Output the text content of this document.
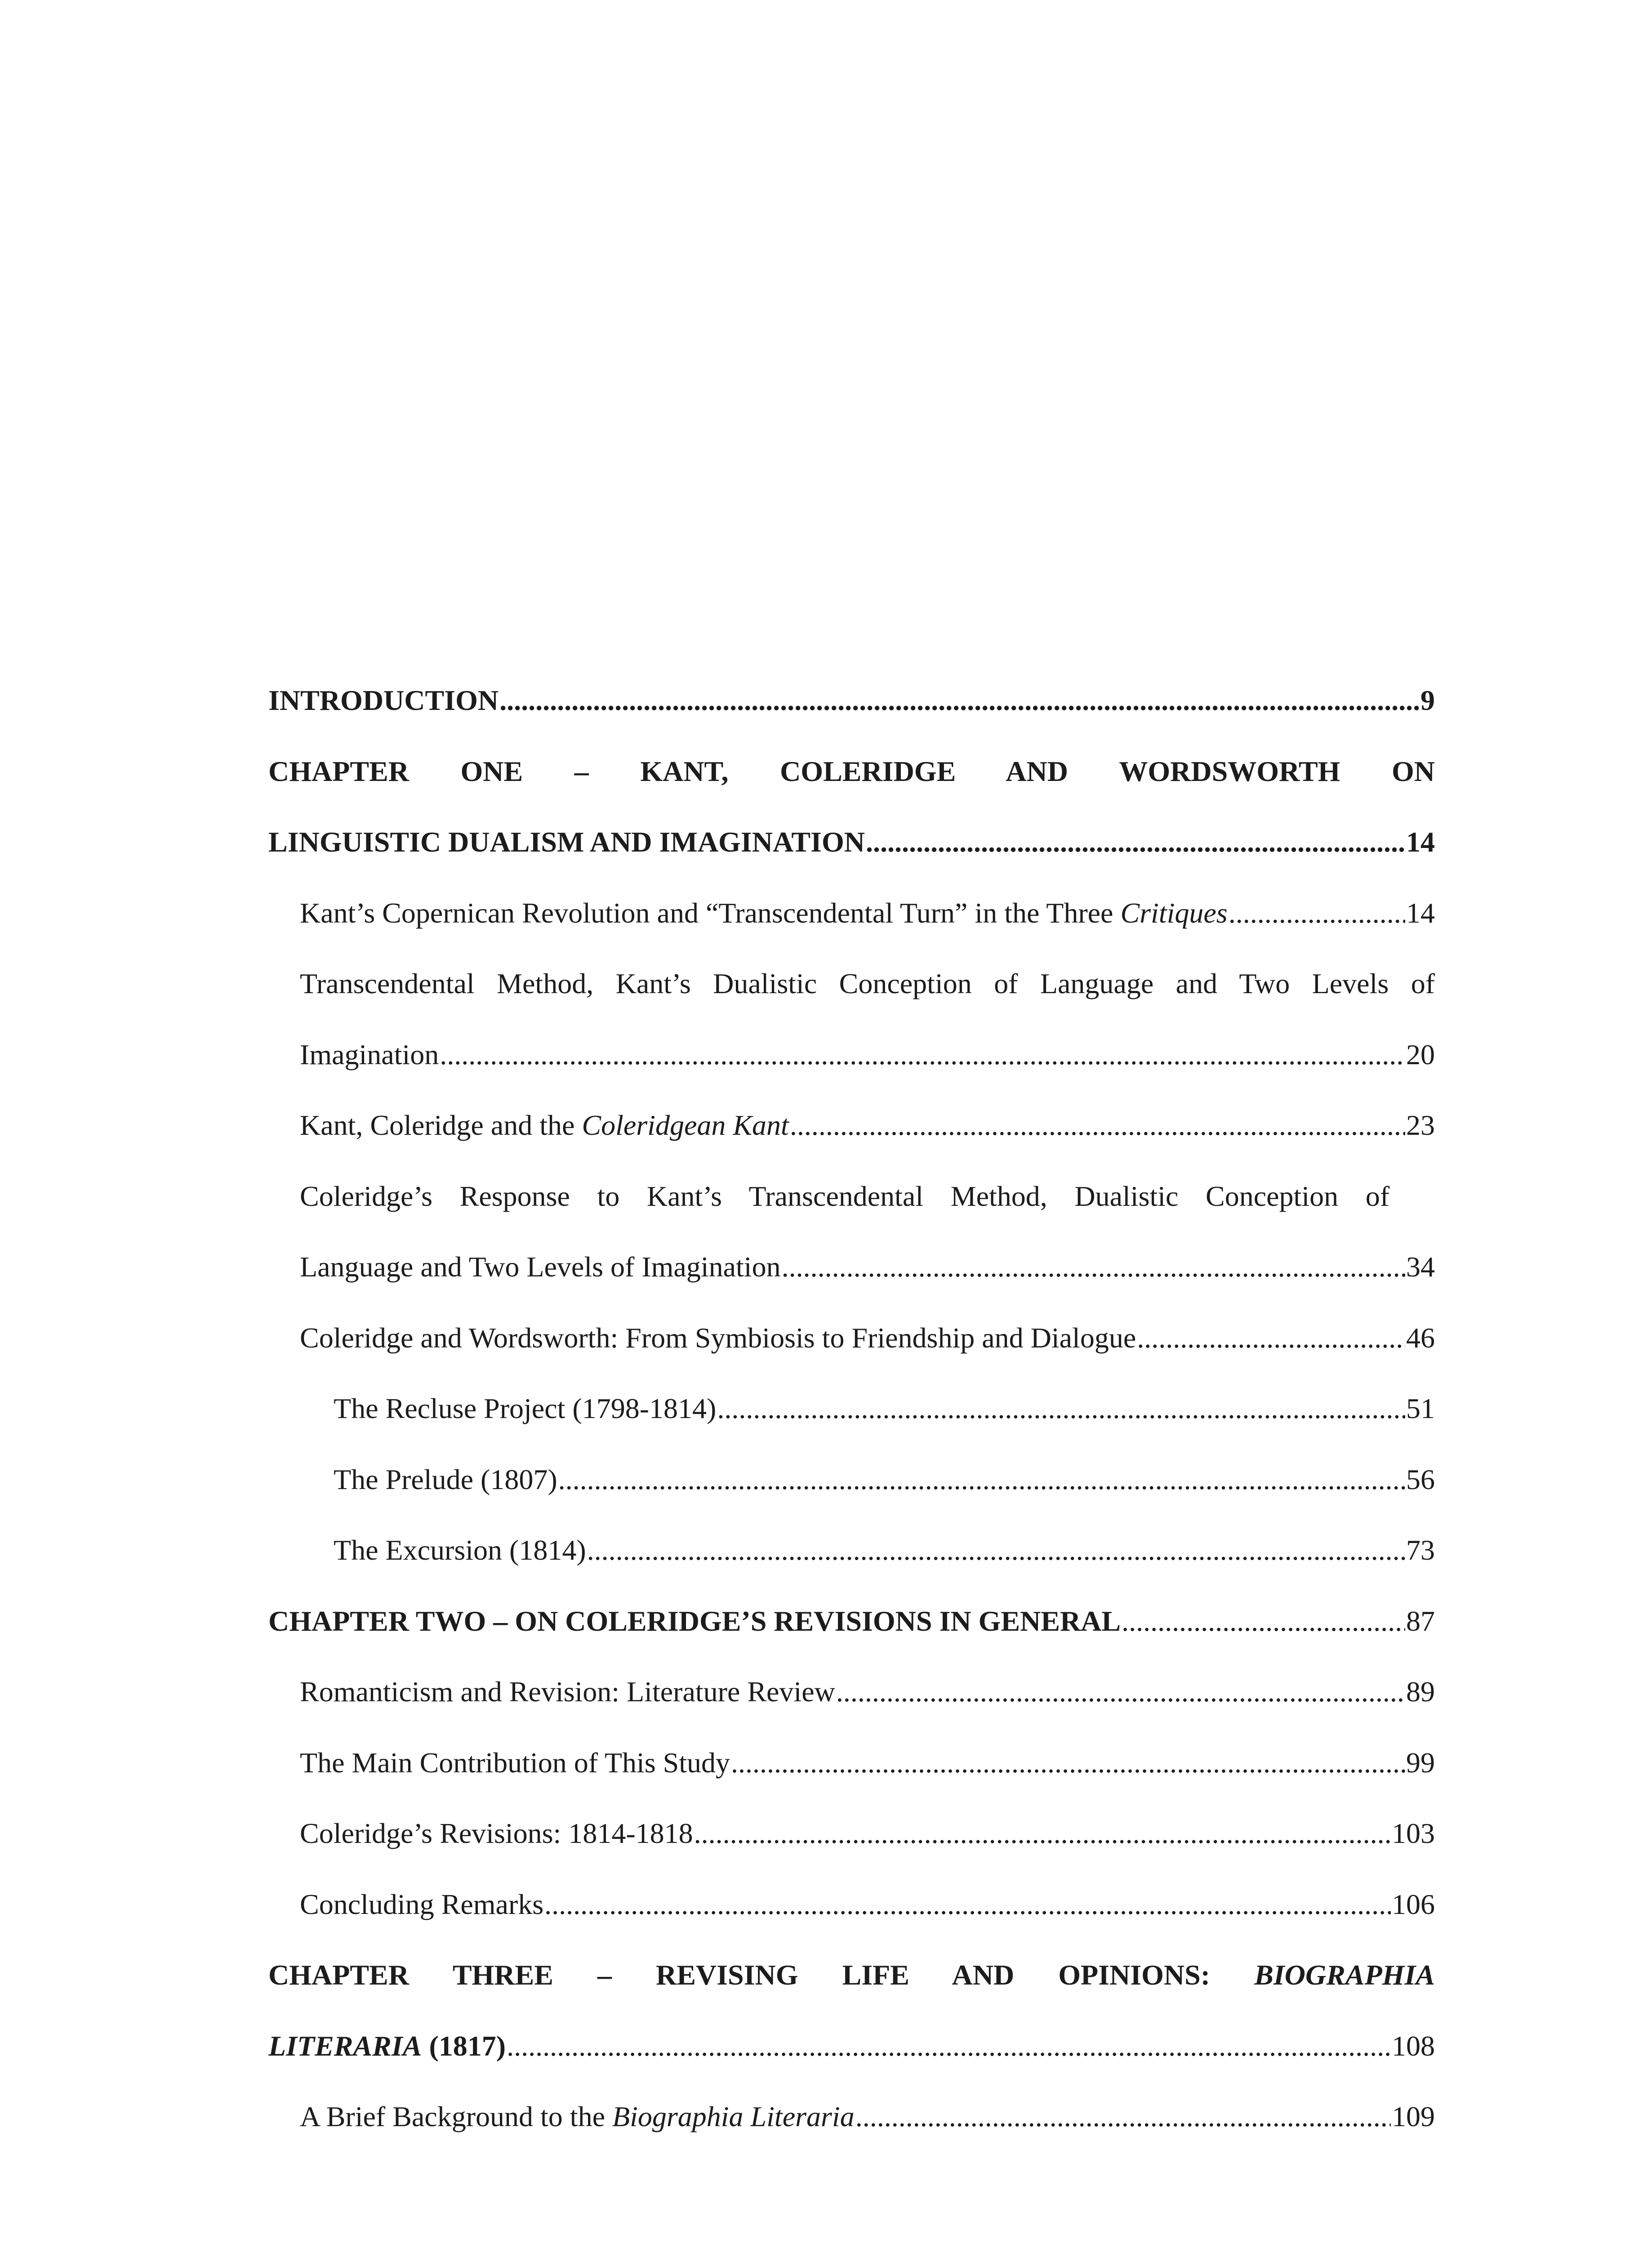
INTRODUCTION . . .	9
CHAPTER ONE – KANT, COLERIDGE AND WORDSWORTH ON
LINGUISTIC DUALISM AND IMAGINATION . . .	14
Kant’s Copernican Revolution and “Transcendental Turn” in the Three Critiques . . .	14
Transcendental Method, Kant’s Dualistic Conception of Language and Two Levels of
Imagination . . .	20
Kant, Coleridge and the Coleridgean Kant . . .	23
Coleridge’s Response to Kant’s Transcendental Method, Dualistic Conception of
Language and Two Levels of Imagination . . .	34
Coleridge and Wordsworth: From Symbiosis to Friendship and Dialogue . . .	46
The Recluse Project (1798-1814) . . .	51
The Prelude (1807) . . .	56
The Excursion (1814) . . .	73
CHAPTER TWO – ON COLERIDGE’S REVISIONS IN GENERAL . . .	87
Romanticism and Revision: Literature Review . . .	89
The Main Contribution of This Study . . .	99
Coleridge’s Revisions: 1814-1818 . . .	103
Concluding Remarks . . .	106
CHAPTER THREE – REVISING LIFE AND OPINIONS: BIOGRAPHIA
LITERARIA (1817) . . .	108
A Brief Background to the Biographia Literaria . . .	109
